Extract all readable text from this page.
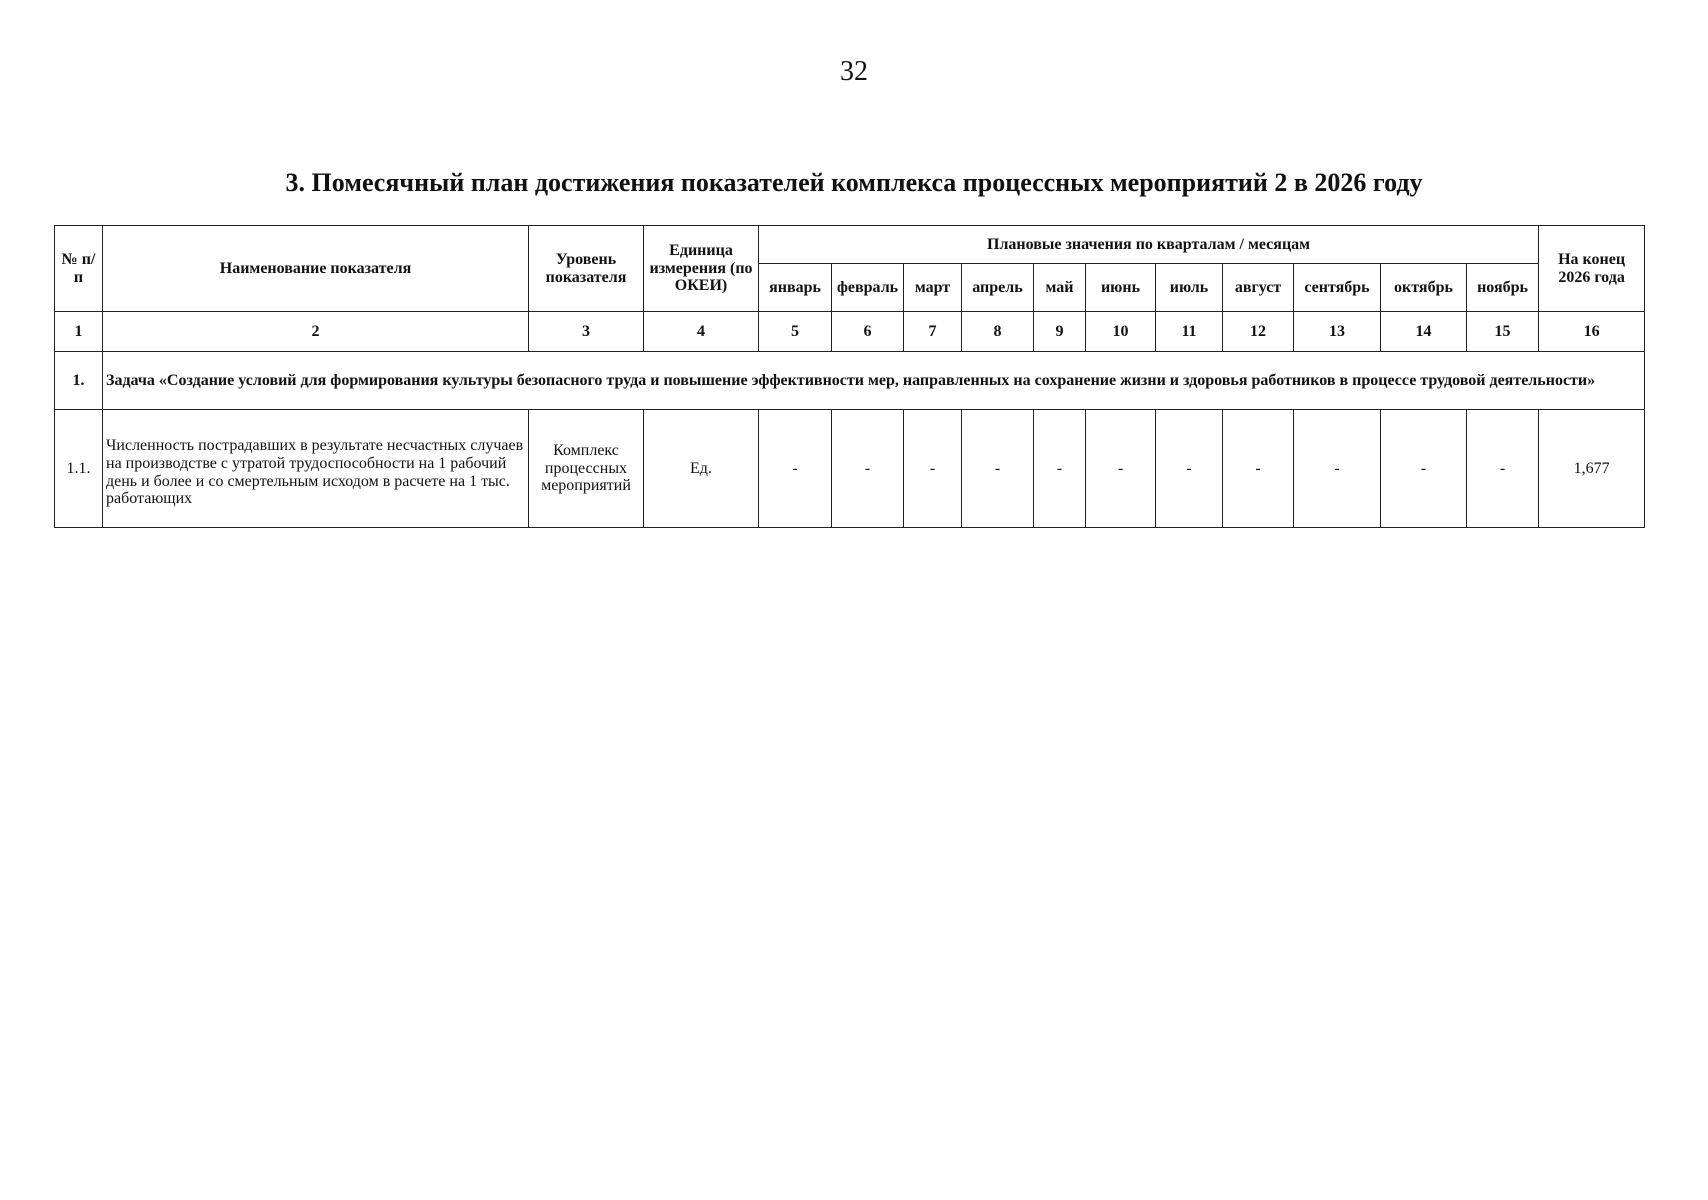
32
3. Помесячный план достижения показателей комплекса процессных мероприятий 2 в 2026 году
№ п/п	Наименование показателя	Уровень показателя	Единица измерения (по ОКЕИ)	Плановые значения по кварталам / месяцам											На конец 2026 года
				январь	февраль	март	апрель	май	июнь	июль	август	сентябрь	октябрь	ноябрь	
1	2	3	4	5	6	7	8	9	10	11	12	13	14	15	16
1.	Задача «Создание условий для формирования культуры безопасного труда и повышение эффективности мер, направленных на сохранение жизни и здоровья работников в процессе трудовой деятельности»														
1.1.	Численность пострадавших в результате несчастных случаев на производстве с утратой трудоспособности на 1 рабочий день и более и со смертельным исходом в расчете на 1 тыс. работающих	Комплекс процессных мероприятий	Ед.	-	-	-	-	-	-	-	-	-	-	-	1,677
